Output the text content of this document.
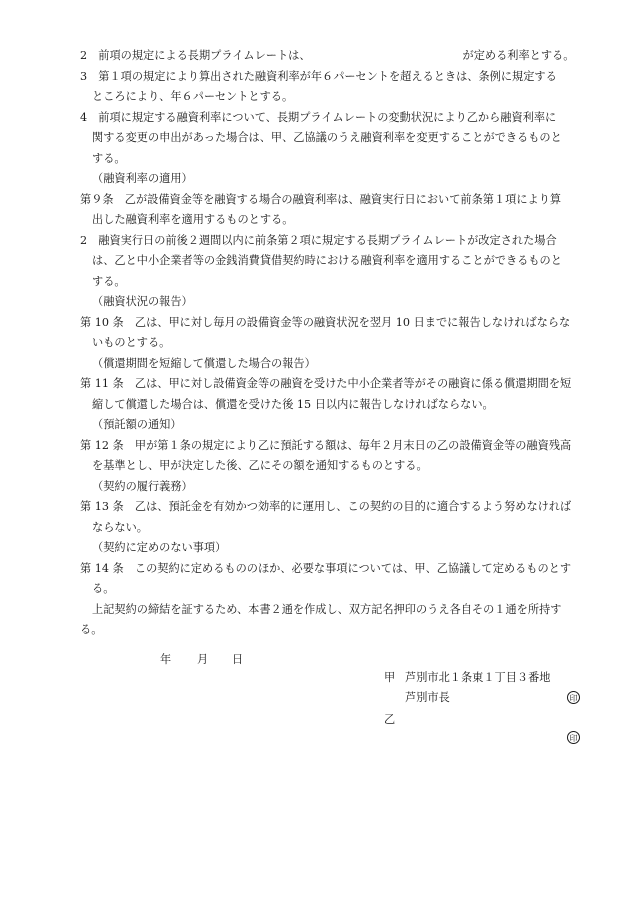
2　前項の規定による長期プライムレートは、	が定める利率とする。
3　第１項の規定により算出された融資利率が年６パーセントを超えるときは、条例に規定する
ところにより、年６パーセントとする。
4　前項に規定する融資利率について、長期プライムレートの変動状況により乙から融資利率に
関する変更の申出があった場合は、甲、乙協議のうえ融資利率を変更することができるものと
する。
（融資利率の適用）
第９条　乙が設備資金等を融資する場合の融資利率は、融資実行日において前条第１項により算
出した融資利率を適用するものとする。
2　融資実行日の前後２週間以内に前条第２項に規定する長期プライムレートが改定された場合
は、乙と中小企業者等の金銭消費貸借契約時における融資利率を適用することができるものと
する。
（融資状況の報告）
第 10 条　乙は、甲に対し毎月の設備資金等の融資状況を翌月 10 日までに報告しなければならな
いものとする。
（償還期間を短縮して償還した場合の報告）
第 11 条　乙は、甲に対し設備資金等の融資を受けた中小企業者等がその融資に係る償還期間を短
縮して償還した場合は、償還を受けた後 15 日以内に報告しなければならない。
（預託額の通知）
第 12 条　甲が第１条の規定により乙に預託する額は、毎年２月末日の乙の設備資金等の融資残高
を基準とし、甲が決定した後、乙にその額を通知するものとする。
（契約の履行義務）
第 13 条　乙は、預託金を有効かつ効率的に運用し、この契約の目的に適合するよう努めなければ
ならない。
（契約に定めのない事項）
第 14 条　この契約に定めるもののほか、必要な事項については、甲、乙協議して定めるものとす
る。
上記契約の締結を証するため、本書２通を作成し、双方記名押印のうえ各自その１通を所持す
る。
年 月 日
甲 芦別市北１条東１丁目３番地
芦別市長	印
乙
印
